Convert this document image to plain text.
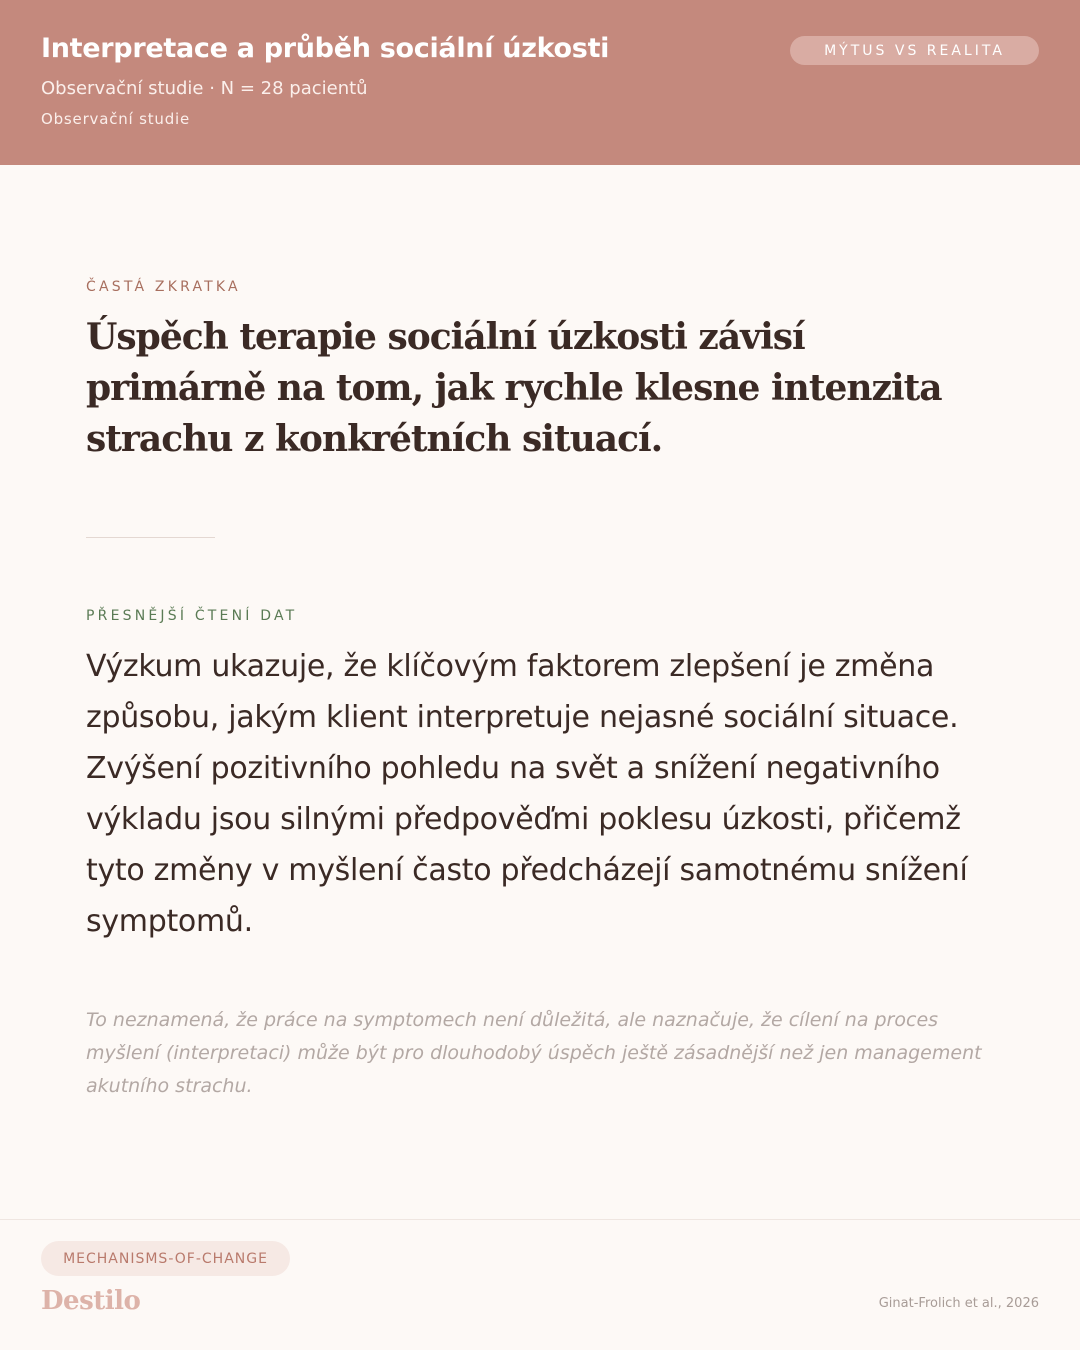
Interpretace a průběh sociální úzkosti
Observační studie · N = 28 pacientů
Observační studie
MÝTUS VS REALITA
ČASTÁ ZKRATKA

Úspěch terapie sociální úzkosti závisí primárně na tom, jak rychle klesne intenzita strachu z konkrétních situací.

PŘESNĚJŠÍ ČTENÍ DAT

Výzkum ukazuje, že klíčovým faktorem zlepšení je změna způsobu, jakým klient interpretuje nejasné sociální situace. Zvýšení pozitivního pohledu na svět a snížení negativního výkladu jsou silnými předpověďmi poklesu úzkosti, přičemž tyto změny v myšlení často předcházejí samotnému snížení symptomů.

To neznamená, že práce na symptomech není důležitá, ale naznačuje, že cílení na proces myšlení (interpretaci) může být pro dlouhodobý úspěch ještě zásadnější než jen management akutního strachu.

MECHANISMS-OF-CHANGE
Destilo	Ginat-Frolich et al., 2026
